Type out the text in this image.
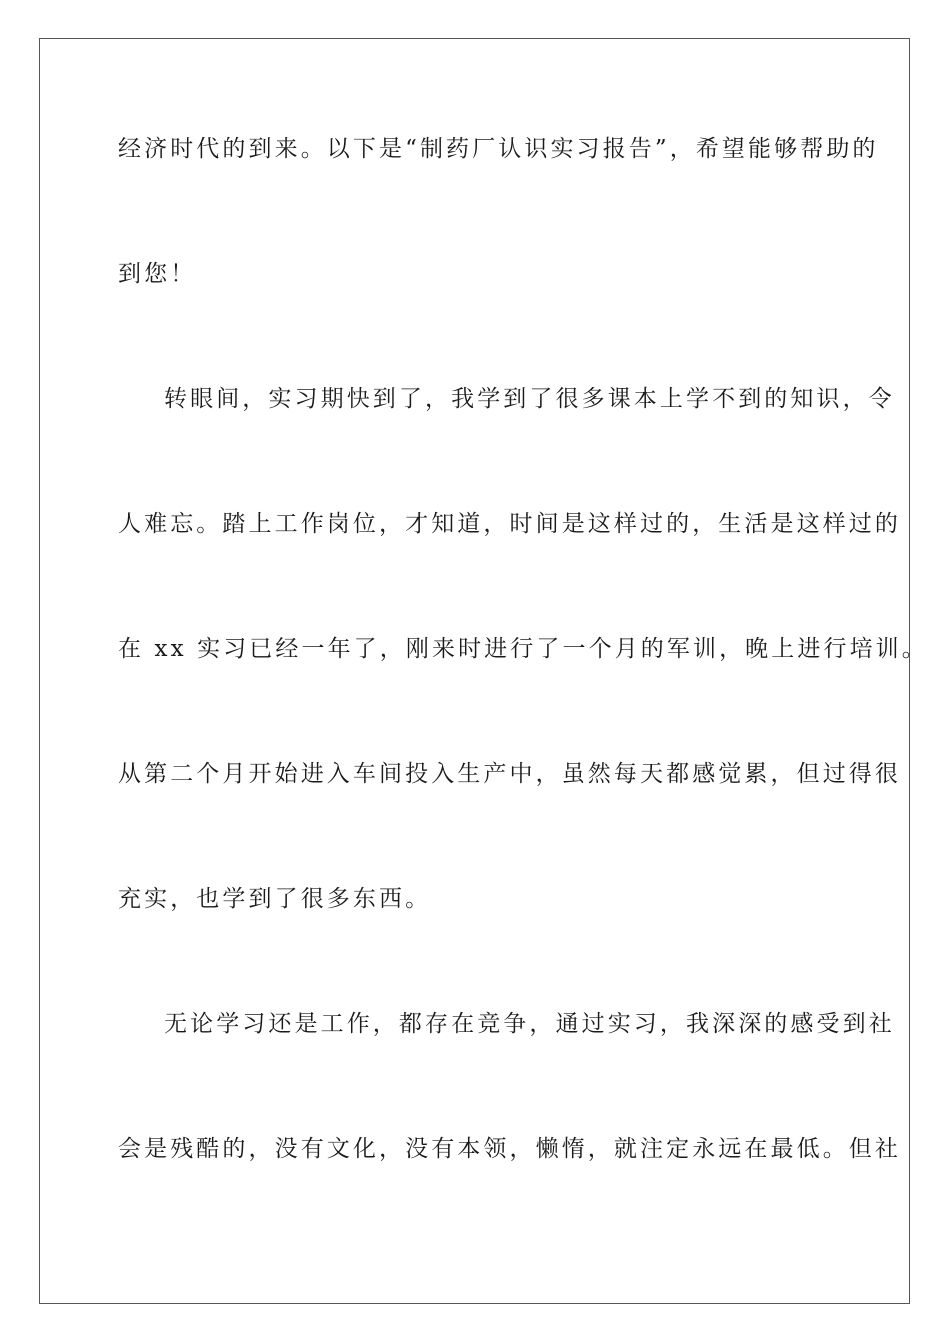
经济时代的到来。以下是“制药厂认识实习报告”，希望能够帮助的
到您！
转眼间，实习期快到了，我学到了很多课本上学不到的知识，令
人难忘。踏上工作岗位，才知道，时间是这样过的，生活是这样过的
在 xx 实习已经一年了，刚来时进行了一个月的军训，晚上进行培训。
从第二个月开始进入车间投入生产中，虽然每天都感觉累，但过得很
充实，也学到了很多东西。
无论学习还是工作，都存在竞争，通过实习，我深深的感受到社
会是残酷的，没有文化，没有本领，懒惰，就注定永远在最低。但社
